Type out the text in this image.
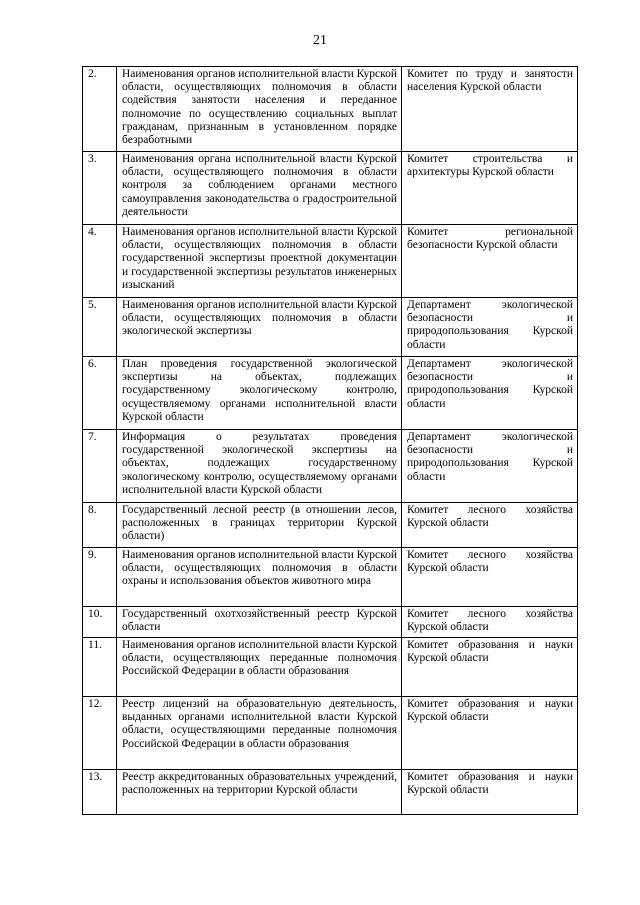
21
2.	Наименования органов исполнительной власти Курской области, осуществляющих полномочия в области содействия занятости населения и переданное полномочие по осуществлению социальных выплат гражданам, признанным в установленном порядке безработными	Комитет по труду и занятости населения Курской области
3.	Наименования органа исполнительной власти Курской области, осуществляющего полномочия в области контроля за соблюдением органами местного самоуправления законодательства о градостроительной деятельности	Комитет строительства и архитектуры Курской области
4.	Наименования органов исполнительной власти Курской области, осуществляющих полномочия в области государственной экспертизы проектной документации и государственной экспертизы результатов инженерных изысканий	Комитет региональной безопасности Курской области
5.	Наименования органов исполнительной власти Курской области, осуществляющих полномочия в области экологической экспертизы	Департамент экологической безопасности и природопользования Курской области
6.	План проведения государственной экологической экспертизы на объектах, подлежащих государственному экологическому контролю, осуществляемому органами исполнительной власти Курской области	Департамент экологической безопасности и природопользования Курской области
7.	Информация о результатах проведения государственной экологической экспертизы на объектах, подлежащих государственному экологическому контролю, осуществляемому органами исполнительной власти Курской области	Департамент экологической безопасности и природопользования Курской области
8.	Государственный лесной реестр (в отношении лесов, расположенных в границах территории Курской области)	Комитет лесного хозяйства Курской области
9.	Наименования органов исполнительной власти Курской области, осуществляющих полномочия в области охраны и использования объектов животного мира	Комитет лесного хозяйства Курской области
10.	Государственный охотхозяйственный реестр Курской области	Комитет лесного хозяйства Курской области
11.	Наименования органов исполнительной власти Курской области, осуществляющих переданные полномочия Российской Федерации в области образования	Комитет образования и науки Курской области
12.	Реестр лицензий на образовательную деятельность, выданных органами исполнительной власти Курской области, осуществляющими переданные полномочия Российской Федерации в области образования	Комитет образования и науки Курской области
13.	Реестр аккредитованных образовательных учреждений, расположенных на территории Курской области	Комитет образования и науки Курской области
